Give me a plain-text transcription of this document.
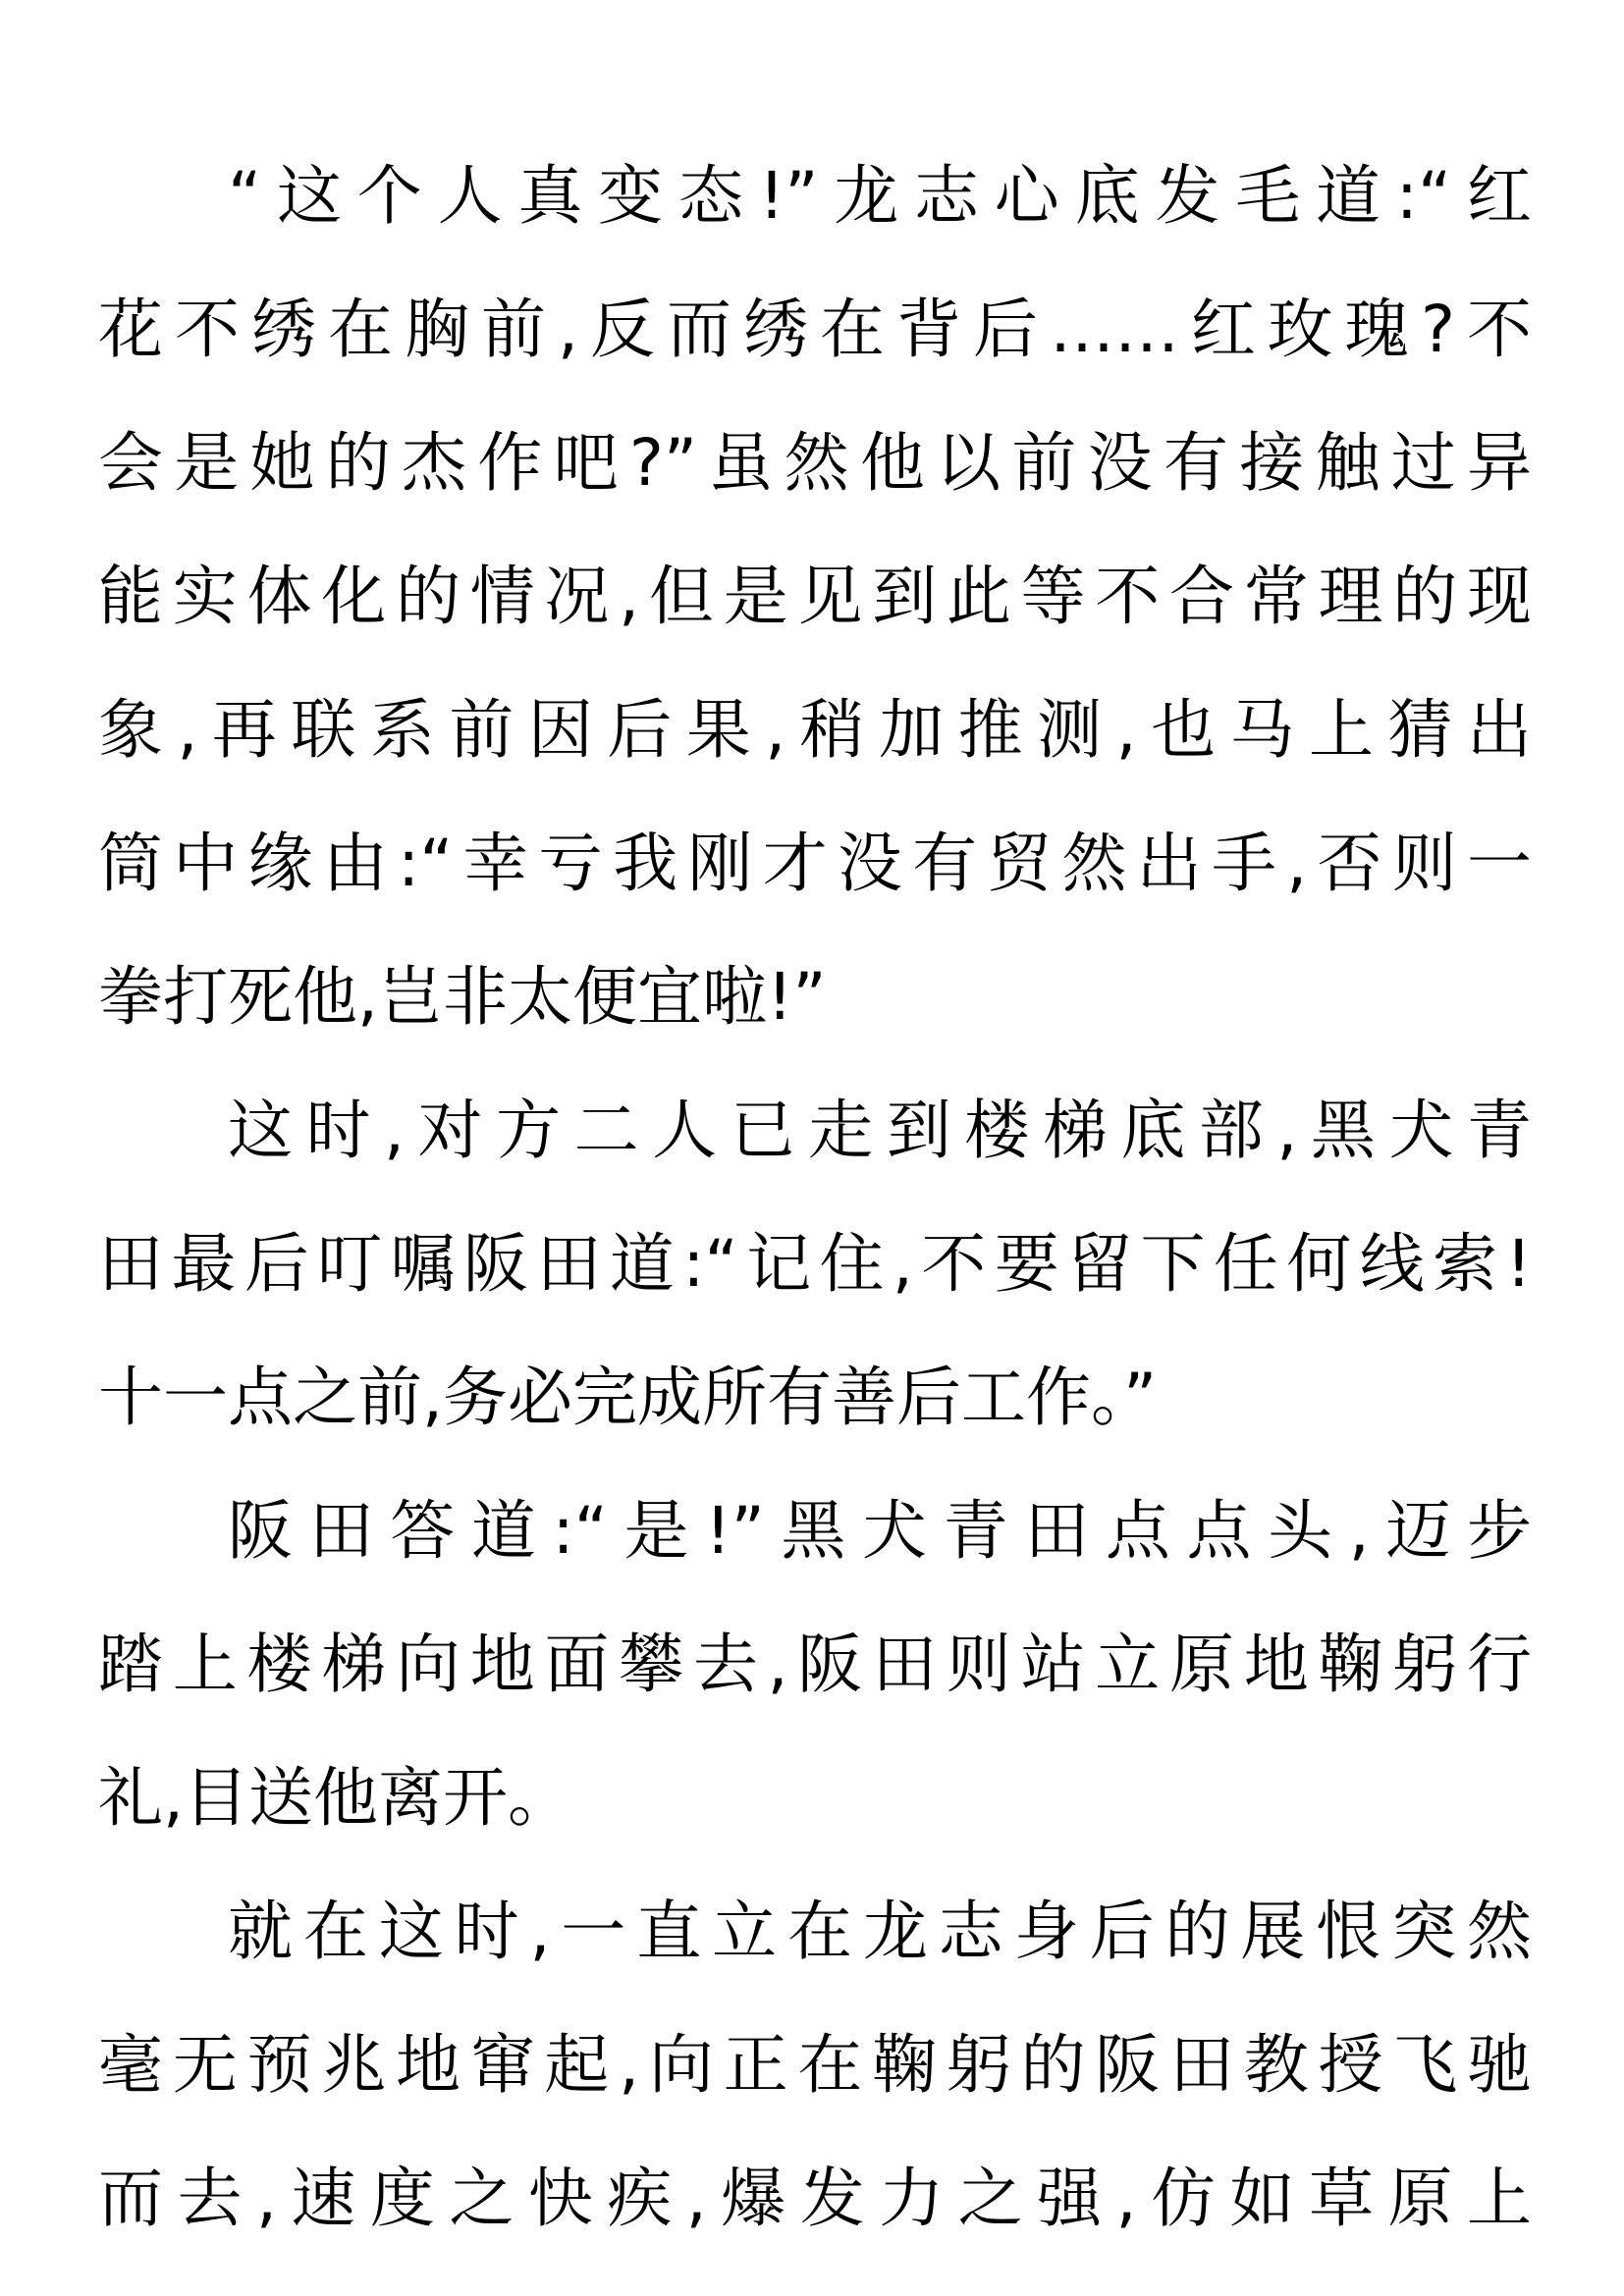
“这个人真变态!”龙志心底发毛道:“红
花不绣在胸前,反而绣在背后……红玫瑰?不
会是她的杰作吧?”虽然他以前没有接触过异
能实体化的情况,但是见到此等不合常理的现
象,再联系前因后果,稍加推测,也马上猜出
筒中缘由:“幸亏我刚才没有贸然出手,否则一
拳打死他,岂非太便宜啦!”
这时,对方二人已走到楼梯底部,黑犬青
田最后叮嘱阪田道:“记住,不要留下任何线索!
十一点之前,务必完成所有善后工作。”
阪田答道:“是!”黑犬青田点点头,迈步
踏上楼梯向地面攀去,阪田则站立原地鞠躬行
礼,目送他离开。
就在这时,一直立在龙志身后的展恨突然
毫无预兆地窜起,向正在鞠躬的阪田教授飞驰
而去,速度之快疾,爆发力之强,仿如草原上
